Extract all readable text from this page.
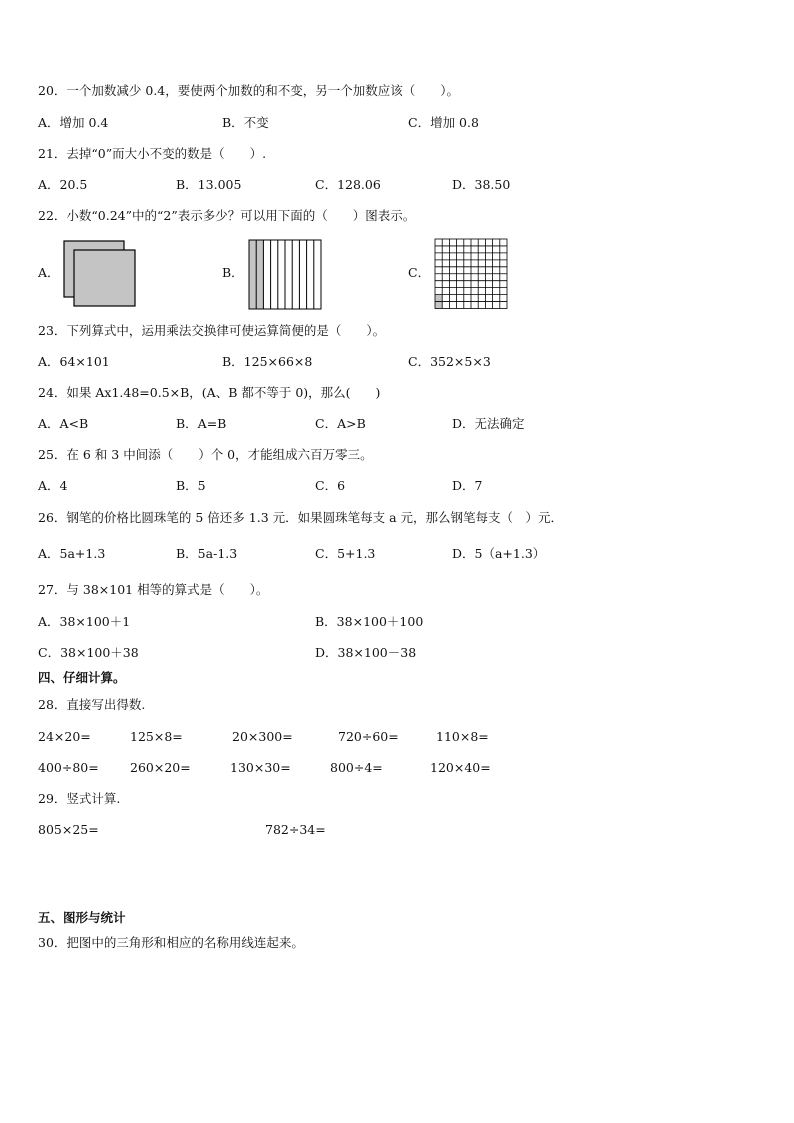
20．一个加数减少 0.4，要使两个加数的和不变，另一个加数应该（　　）。
A．增加 0.4	B．不变	C．增加 0.8
21．去掉“0”而大小不变的数是（　　）.
A．20.5	B．13.005	C．128.06	D．38.50
22．小数“0.24”中的“2”表示多少？可以用下面的（　　）图表示。
A．	B．	C．
23．下列算式中，运用乘法交换律可使运算简便的是（　　）。
A．64×101	B．125×66×8	C．352×5×3
24．如果 Ax1.48=0.5×B，(A、B 都不等于 0)，那么(　　)
A．A<B	B．A=B	C．A>B	D．无法确定
25．在 6 和 3 中间添（　　）个 0，才能组成六百万零三。
A．4	B．5	C．6	D．7
26．钢笔的价格比圆珠笔的 5 倍还多 1.3 元．如果圆珠笔每支 a 元，那么钢笔每支（　）元．
A．5a+1.3	B．5a-1.3	C．5+1.3	D．5（a+1.3）
27．与 38×101 相等的算式是（　　）。
A．38×100＋1	B．38×100＋100
C．38×100＋38	D．38×100－38
四、仔细计算。
28．直接写出得数.
24×20=	125×8=	20×300=	720÷60=	110×8=
400÷80=	260×20=	130×30=	800÷4=	120×40=
29．竖式计算.
805×25=	782÷34=
五、图形与统计
30．把图中的三角形和相应的名称用线连起来。
